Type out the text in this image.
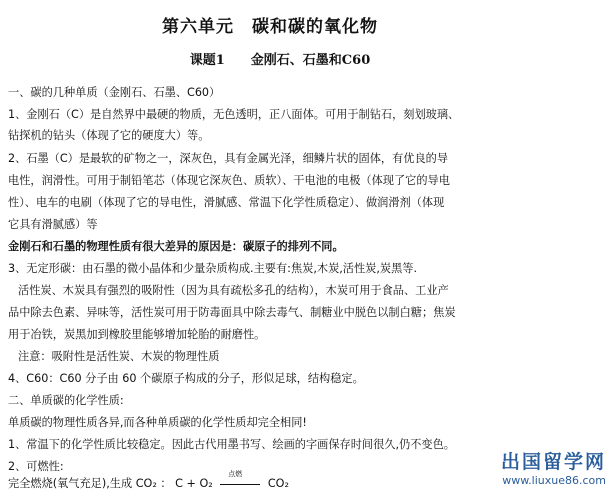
第六单元　碳和碳的氧化物
课题1　　金刚石、石墨和C60
一、碳的几种单质（金刚石、石墨、C60）
1、金刚石（C）是自然界中最硬的物质，无色透明，正八面体。可用于制钻石，刻划玻璃、
钻探机的钻头（体现了它的硬度大）等。
2、石墨（C）是最软的矿物之一，深灰色，具有金属光泽，细鳞片状的固体，有优良的导
电性，润滑性。可用于制铅笔芯（体现它深灰色、质软）、干电池的电极（体现了它的导电
性）、电车的电刷（体现了它的导电性，滑腻感、常温下化学性质稳定）、做润滑剂（体现
它具有滑腻感）等
金刚石和石墨的物理性质有很大差异的原因是：碳原子的排列不同。
3、无定形碳：由石墨的微小晶体和少量杂质构成.主要有:焦炭,木炭,活性炭,炭黑等.
活性炭、木炭具有强烈的吸附性（因为具有疏松多孔的结构），木炭可用于食品、工业产
品中除去色素、异味等，活性炭可用于防毒面具中除去毒气、制糖业中脱色以制白糖；焦炭
用于冶铁，炭黑加到橡胶里能够增加轮胎的耐磨性。
注意：吸附性是活性炭、木炭的物理性质
4、C60：C60 分子由 60 个碳原子构成的分子，形似足球，结构稳定。
二、单质碳的化学性质:
单质碳的物理性质各异,而各种单质碳的化学性质却完全相同!
1、常温下的化学性质比较稳定。因此古代用墨书写、绘画的字画保存时间很久,仍不变色。
2、可燃性:
完全燃烧(氧气充足),生成 CO₂ ： C + O₂
点燃
CO₂
出国留学网
www.liuxue86.com
